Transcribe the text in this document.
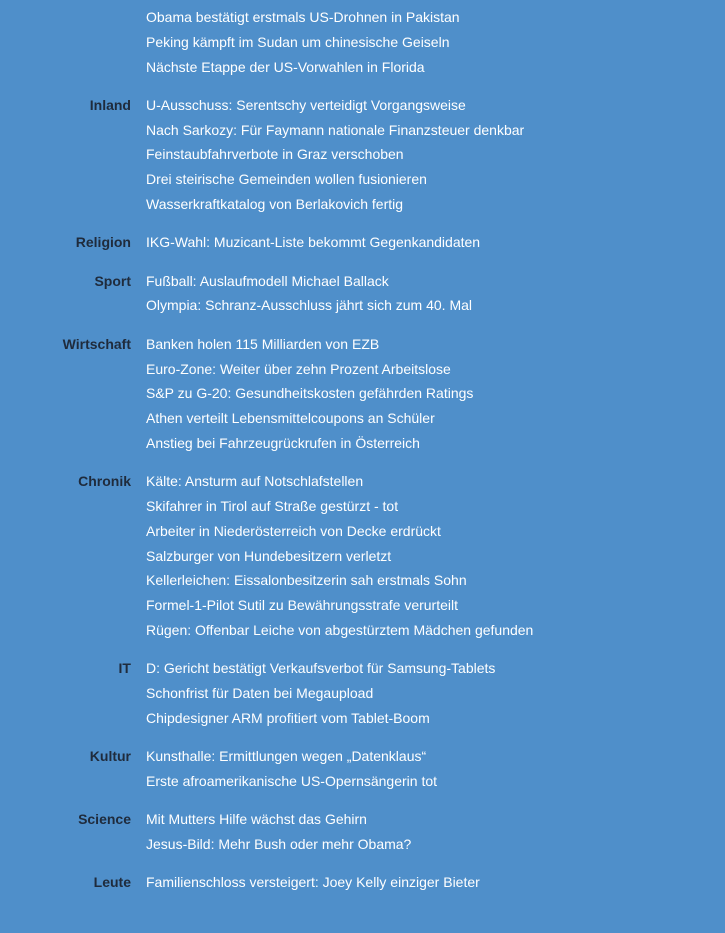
Obama bestätigt erstmals US-Drohnen in Pakistan
Peking kämpft im Sudan um chinesische Geiseln
Nächste Etappe der US-Vorwahlen in Florida
Inland U-Ausschuss: Serentschy verteidigt Vorgangsweise
Nach Sarkozy: Für Faymann nationale Finanzsteuer denkbar
Feinstaubfahrverbote in Graz verschoben
Drei steirische Gemeinden wollen fusionieren
Wasserkraftkatalog von Berlakovich fertig
Religion IKG-Wahl: Muzicant-Liste bekommt Gegenkandidaten
Sport Fußball: Auslaufmodell Michael Ballack
Olympia: Schranz-Ausschluss jährt sich zum 40. Mal
Wirtschaft Banken holen 115 Milliarden von EZB
Euro-Zone: Weiter über zehn Prozent Arbeitslose
S&P zu G-20: Gesundheitskosten gefährden Ratings
Athen verteilt Lebensmittelcoupons an Schüler
Anstieg bei Fahrzeugrückrufen in Österreich
Chronik Kälte: Ansturm auf Notschlafstellen
Skifahrer in Tirol auf Straße gestürzt - tot
Arbeiter in Niederösterreich von Decke erdrückt
Salzburger von Hundebesitzern verletzt
Kellerleichen: Eissalonbesitzerin sah erstmals Sohn
Formel-1-Pilot Sutil zu Bewährungsstrafe verurteilt
Rügen: Offenbar Leiche von abgestürztem Mädchen gefunden
IT D: Gericht bestätigt Verkaufsverbot für Samsung-Tablets
Schonfrist für Daten bei Megaupload
Chipdesigner ARM profitiert vom Tablet-Boom
Kultur Kunsthalle: Ermittlungen wegen „Datenklaus“
Erste afroamerikanische US-Opernsängerin tot
Science Mit Mutters Hilfe wächst das Gehirn
Jesus-Bild: Mehr Bush oder mehr Obama?
Leute Familienschloss versteigert: Joey Kelly einziger Bieter
